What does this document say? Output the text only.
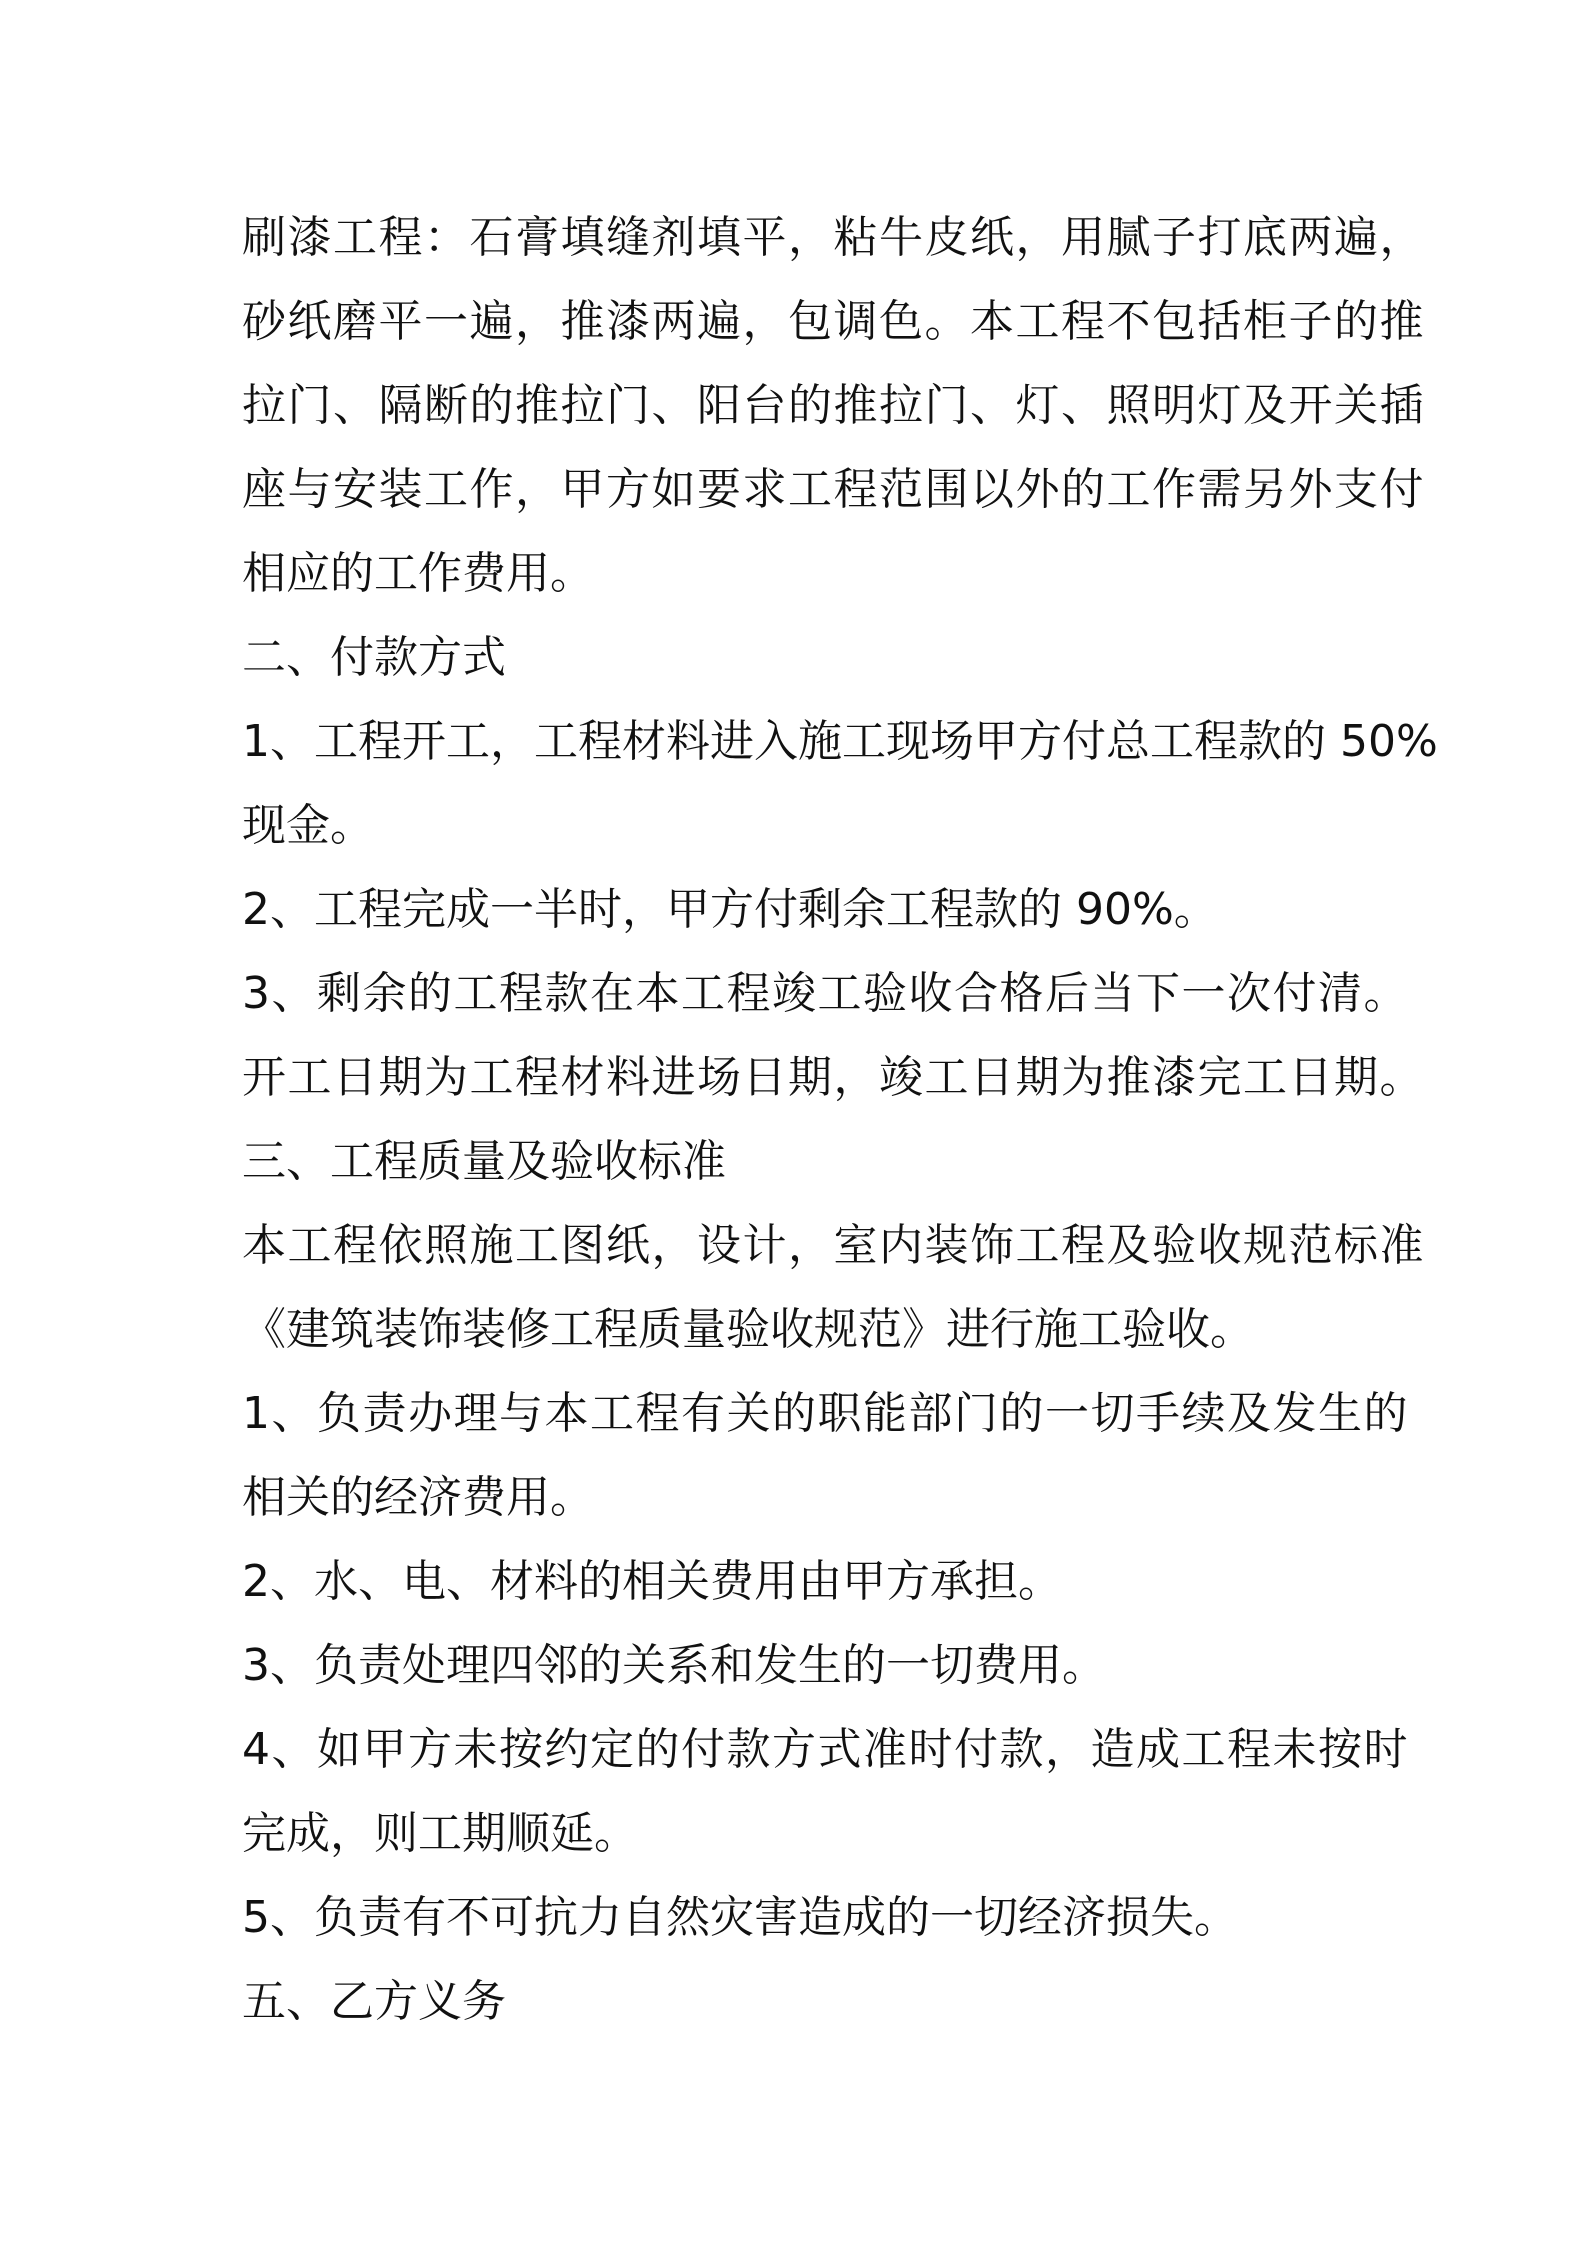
刷漆工程：石膏填缝剂填平，粘牛皮纸，用腻子打底两遍，
砂纸磨平一遍，推漆两遍，包调色。本工程不包括柜子的推
拉门、隔断的推拉门、阳台的推拉门、灯、照明灯及开关插
座与安装工作，甲方如要求工程范围以外的工作需另外支付
相应的工作费用。
二、付款方式
1、工程开工，工程材料进入施工现场甲方付总工程款的 50%
现金。
2、工程完成一半时，甲方付剩余工程款的 90%。
3、剩余的工程款在本工程竣工验收合格后当下一次付清。
开工日期为工程材料进场日期，竣工日期为推漆完工日期。
三、工程质量及验收标准
本工程依照施工图纸，设计，室内装饰工程及验收规范标准
《建筑装饰装修工程质量验收规范》进行施工验收。
1、负责办理与本工程有关的职能部门的一切手续及发生的
相关的经济费用。
2、水、电、材料的相关费用由甲方承担。
3、负责处理四邻的关系和发生的一切费用。
4、如甲方未按约定的付款方式准时付款，造成工程未按时
完成，则工期顺延。
5、负责有不可抗力自然灾害造成的一切经济损失。
五、乙方义务
